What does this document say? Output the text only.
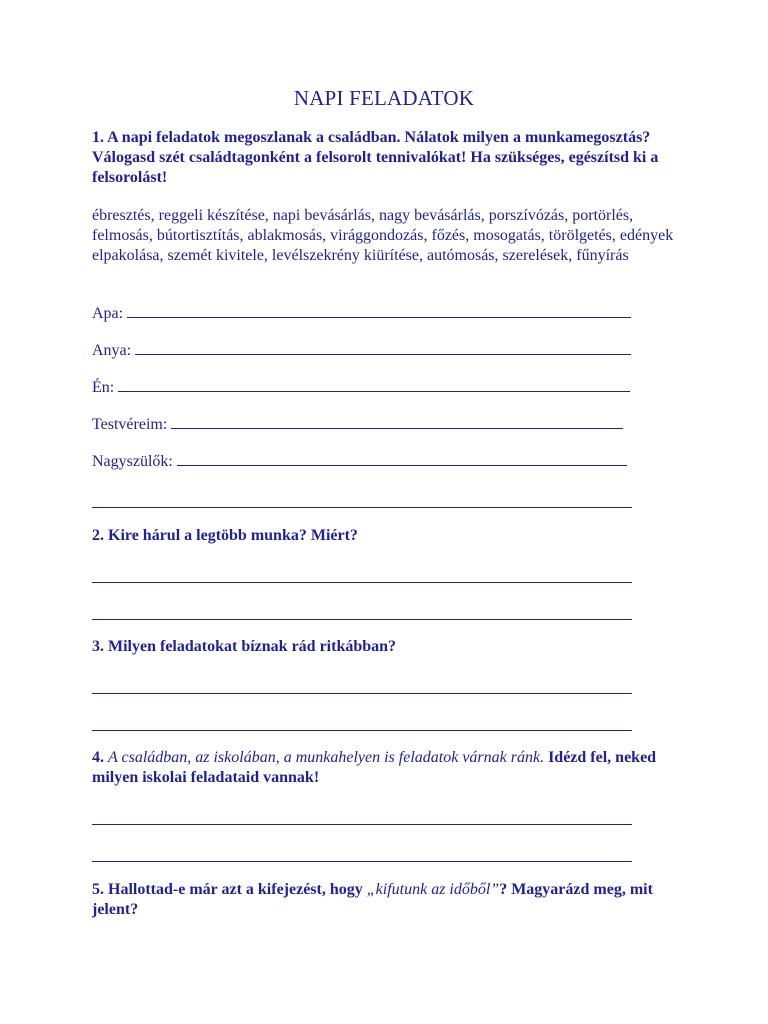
NAPI FELADATOK
1. A napi feladatok megoszlanak a családban. Nálatok milyen a munkamegosztás? Válogasd szét családtagonként a felsorolt tennivalókat! Ha szükséges, egészítsd ki a felsorolást!
ébresztés, reggeli készítése, napi bevásárlás, nagy bevásárlás, porszívózás, portörlés, felmosás, bútortisztítás, ablakmosás, virággondozás, főzés, mosogatás, törölgetés, edények elpakolása, szemét kivitele, levélszekrény kiürítése, autómosás, szerelések, fűnyírás
Apa:
Anya:
Én:
Testvéreim:
Nagyszülők:
2. Kire hárul a legtöbb munka? Miért?
3. Milyen feladatokat bíznak rád ritkábban?
4. A családban, az iskolában, a munkahelyen is feladatok várnak ránk. Idézd fel, neked milyen iskolai feladataid vannak!
5. Hallottad-e már azt a kifejezést, hogy „kifutunk az időből”? Magyarázd meg, mit jelent?
